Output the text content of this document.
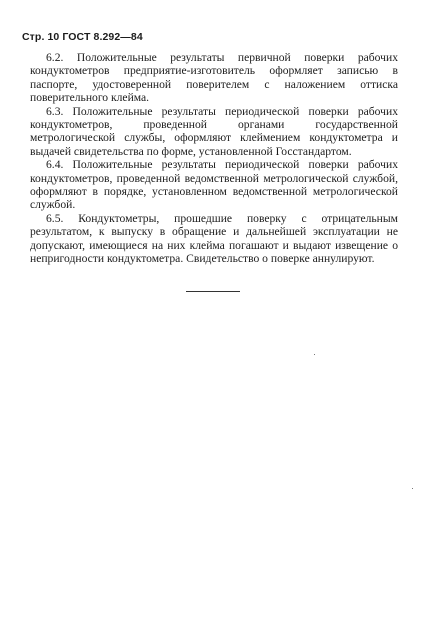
Стр. 10 ГОСТ 8.292—84

6.2. Положительные результаты первичной поверки рабочих кондуктометров предприятие-изготовитель оформляет записью в паспорте, удостоверенной поверителем с наложением оттиска поверительного клейма.

6.3. Положительные результаты периодической поверки рабочих кондуктометров, проведенной органами государственной метрологической службы, оформляют клеймением кондуктометра и выдачей свидетельства по форме, установленной Госстандартом.

6.4. Положительные результаты периодической поверки рабочих кондуктометров, проведенной ведомственной метрологической службой, оформляют в порядке, установленном ведомственной метрологической службой.

6.5. Кондуктометры, прошедшие поверку с отрицательным результатом, к выпуску в обращение и дальнейшей эксплуатации не допускают, имеющиеся на них клейма погашают и выдают извещение о непригодности кондуктометра. Свидетельство о поверке аннулируют.
